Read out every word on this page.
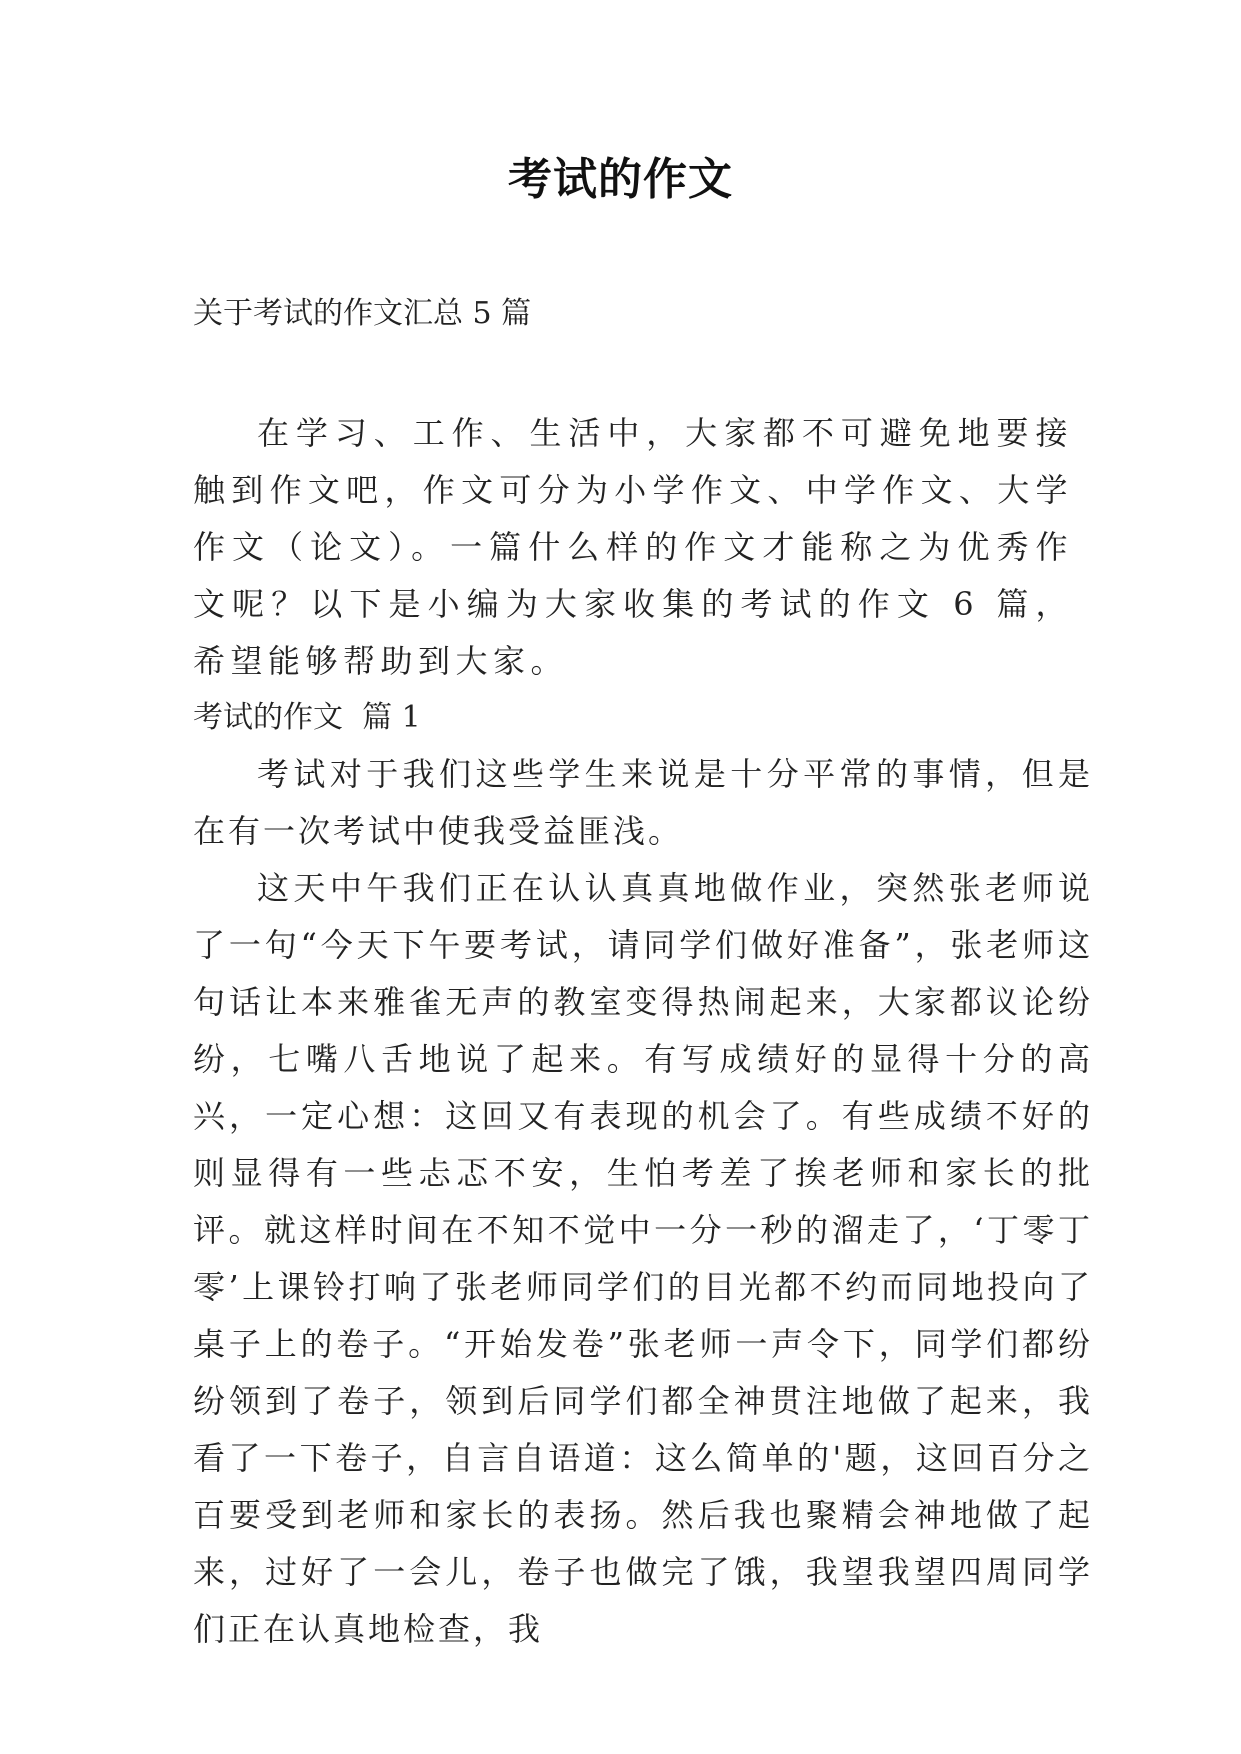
考试的作文
关于考试的作文汇总 5 篇

在学习、工作、生活中，大家都不可避免地要接触到作文吧，作文可分为小学作文、中学作文、大学作文（论文）。一篇什么样的作文才能称之为优秀作文呢？以下是小编为大家收集的考试的作文 6 篇，希望能够帮助到大家。

考试的作文  篇 1

考试对于我们这些学生来说是十分平常的事情，但是在有一次考试中使我受益匪浅。

这天中午我们正在认认真真地做作业，突然张老师说了一句“今天下午要考试，请同学们做好准备”，张老师这句话让本来雅雀无声的教室变得热闹起来，大家都议论纷纷，七嘴八舌地说了起来。有写成绩好的显得十分的高兴，一定心想：这回又有表现的机会了。有些成绩不好的则显得有一些忐忑不安，生怕考差了挨老师和家长的批评。就这样时间在不知不觉中一分一秒的溜走了，‘丁零丁零’上课铃打响了张老师同学们的目光都不约而同地投向了桌子上的卷子。“开始发卷”张老师一声令下，同学们都纷纷领到了卷子，领到后同学们都全神贯注地做了起来，我看了一下卷子，自言自语道：这么简单的'题，这回百分之百要受到老师和家长的表扬。然后我也聚精会神地做了起来，过好了一会儿，卷子也做完了饿，我望我望四周同学们正在认真地检查，我
